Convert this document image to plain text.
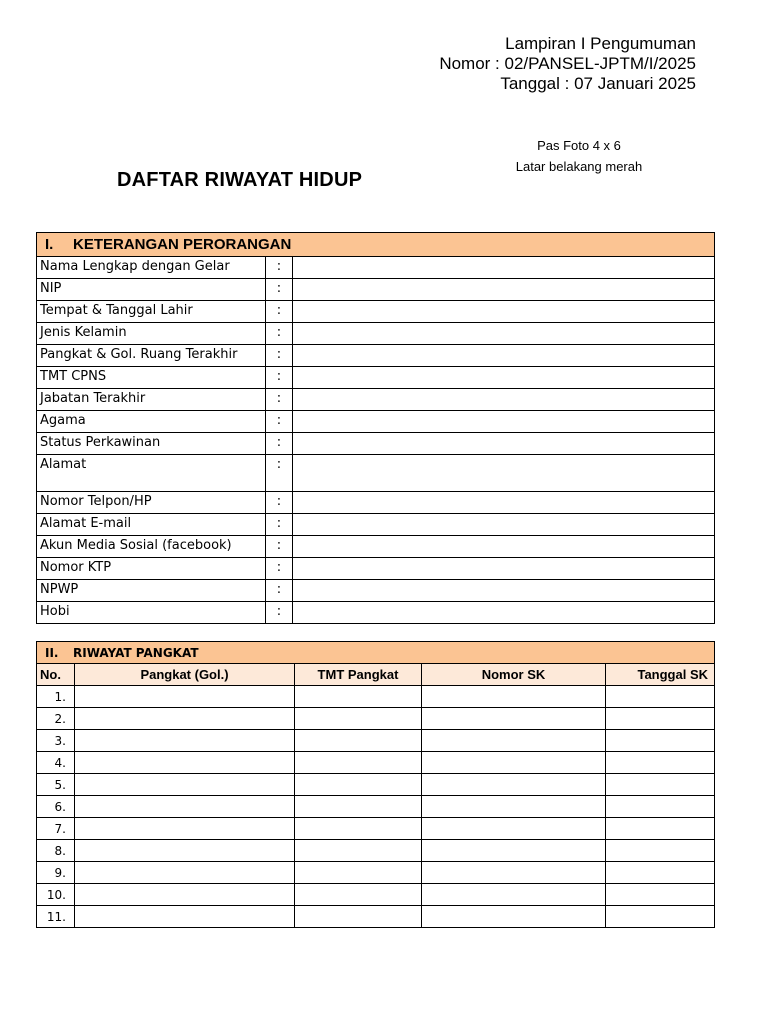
Lampiran I Pengumuman
Nomor : 02/PANSEL-JPTM/I/2025
Tanggal : 07 Januari 2025
Pas Foto 4 x 6
Latar belakang merah
DAFTAR RIWAYAT HIDUP
I. KETERANGAN PERORANGAN		
Nama Lengkap dengan Gelar	:	
NIP	:	
Tempat & Tanggal Lahir	:	
Jenis Kelamin	:	
Pangkat & Gol. Ruang Terakhir	:	
TMT CPNS	:	
Jabatan Terakhir	:	
Agama	:	
Status Perkawinan	:	
Alamat	:	
Nomor Telpon/HP	:	
Alamat E-mail	:	
Akun Media Sosial (facebook)	:	
Nomor KTP	:	
NPWP	:	
Hobi	:	
II. RIWAYAT PANGKAT				
No.	Pangkat (Gol.)	TMT Pangkat	Nomor SK	Tanggal SK
1.				
2.				
3.				
4.				
5.				
6.				
7.				
8.				
9.				
10.				
11.				
